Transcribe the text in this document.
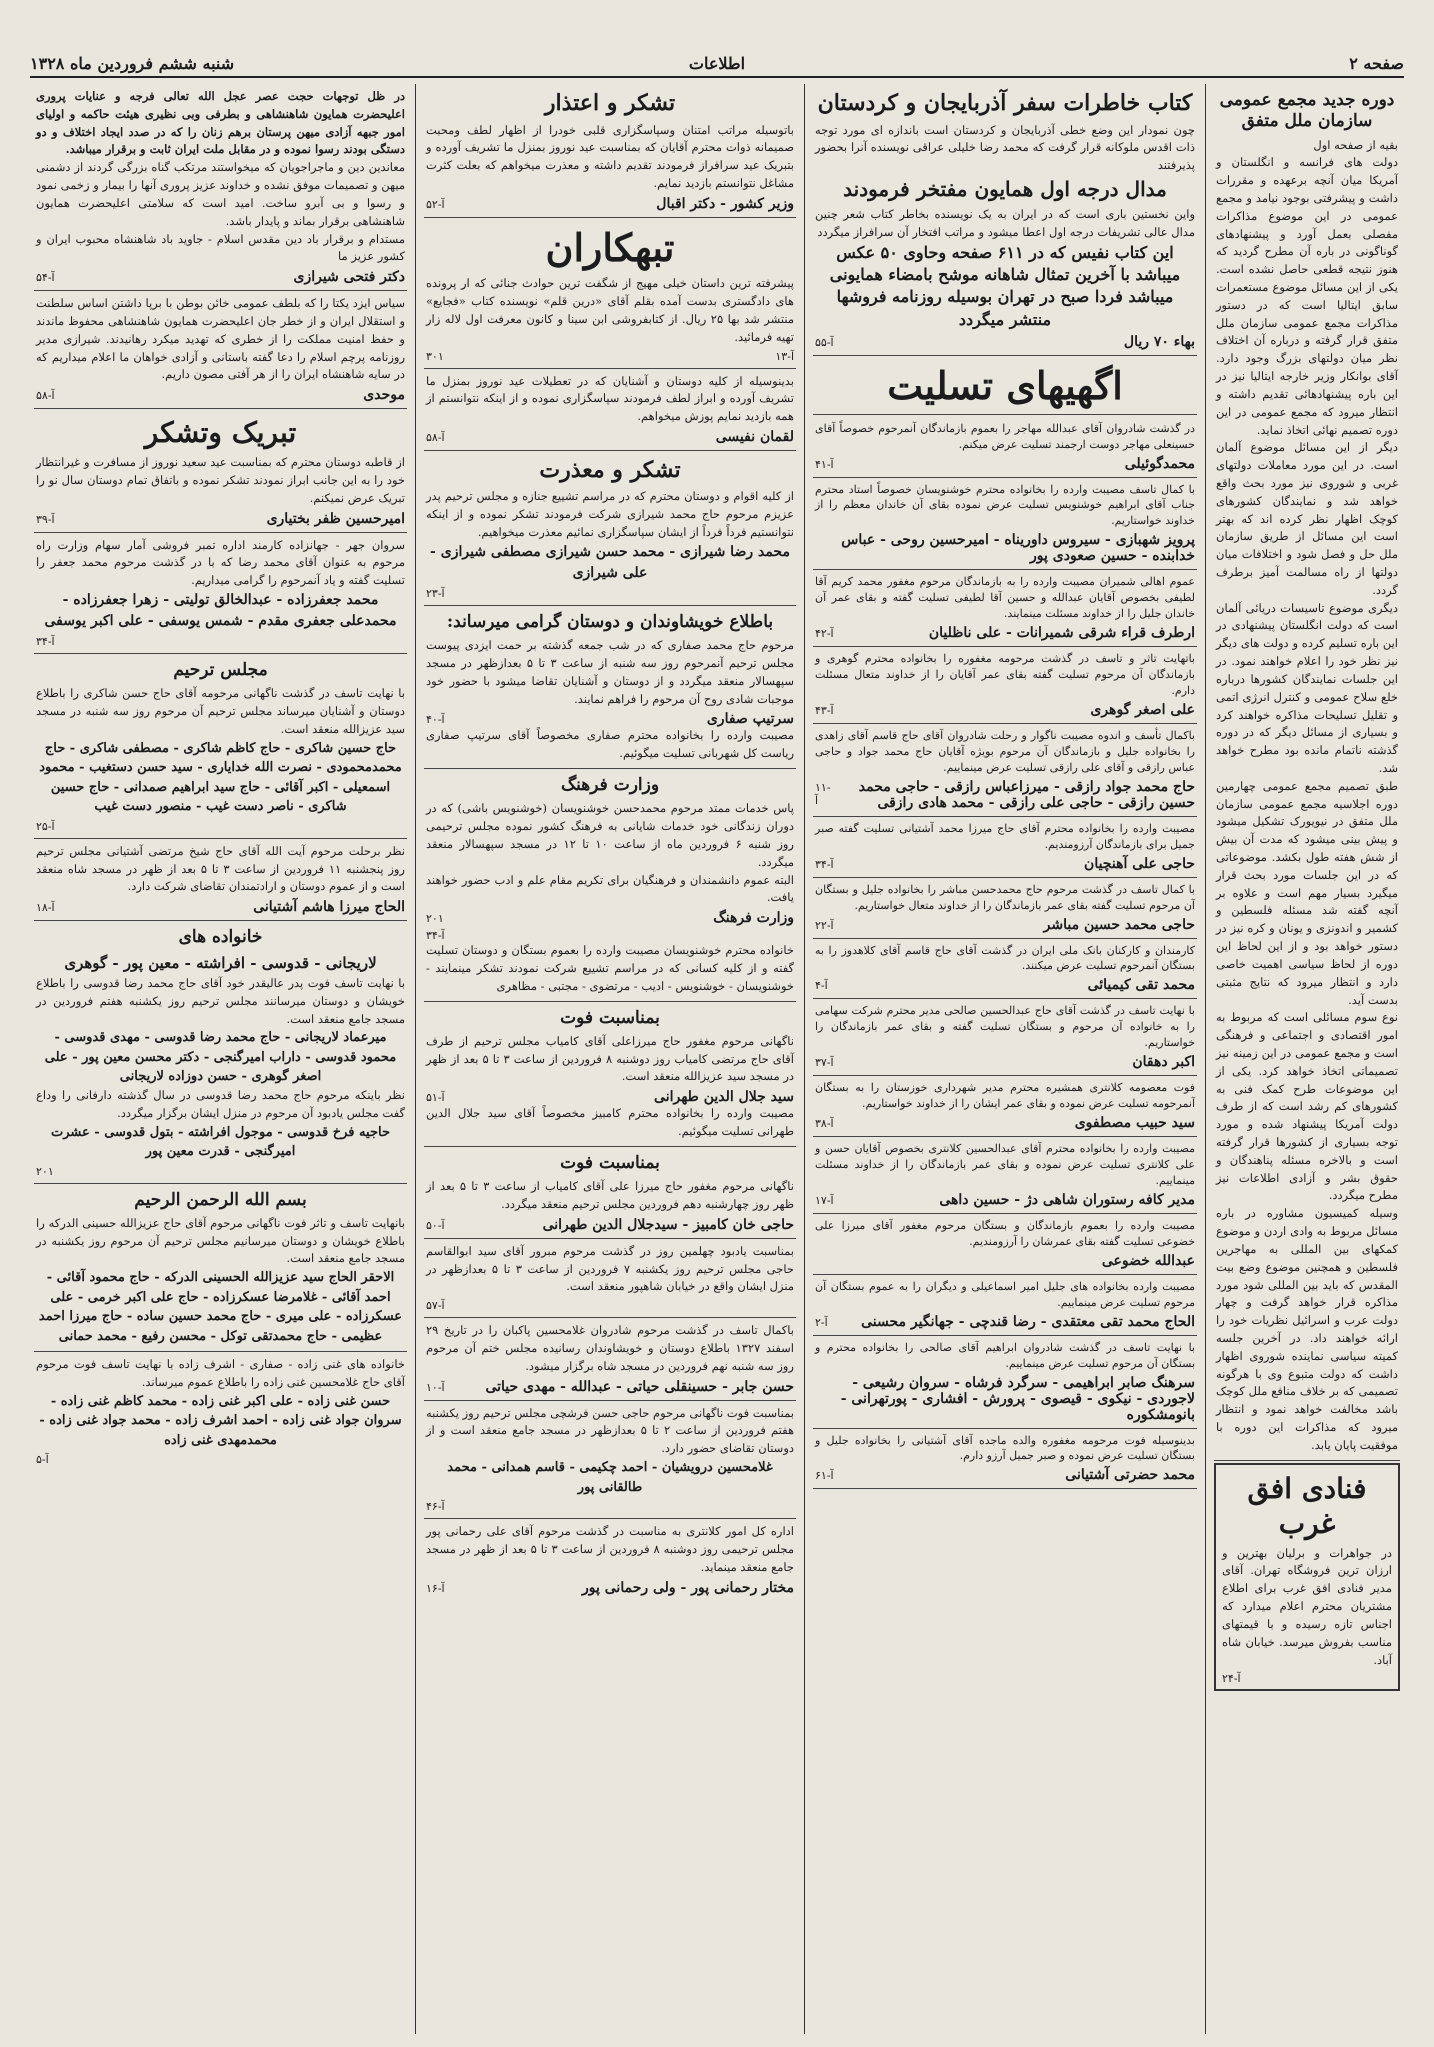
صفحه ۲
اطلاعات
شنبه ششم فروردین ماه ۱۳۲۸
دوره جدید مجمع عمومی سازمان ملل متفق
بقیه از صفحه اول
دولت های فرانسه و انگلستان و آمریکا میان آنچه برعهده و مقررات داشت و پیشرفتی بوجود نیامد و مجمع عمومی در این موضوع مذاکرات مفصلی بعمل آورد و پیشنهادهای گوناگونی در باره آن مطرح گردید که هنوز نتیجه قطعی حاصل نشده است. یکی از این مسائل موضوع مستعمرات سابق ایتالیا است که در دستور مذاکرات مجمع عمومی سازمان ملل متفق قرار گرفته و درباره آن اختلاف نظر میان دولتهای بزرگ وجود دارد. آقای بوانکار وزیر خارجه ایتالیا نیز در این باره پیشنهادهائی تقدیم داشته و انتظار میرود که مجمع عمومی در این دوره تصمیم نهائی اتخاذ نماید.
دیگر از این مسائل موضوع آلمان است. در این مورد معاملات دولتهای غربی و شوروی نیز مورد بحث واقع خواهد شد و نمایندگان کشورهای کوچک اظهار نظر کرده اند که بهتر است این مسائل از طریق سازمان ملل حل و فصل شود و اختلافات میان دولتها از راه مسالمت آمیز برطرف گردد.
دیگری موضوع تاسیسات دریائی آلمان است که دولت انگلستان پیشنهادی در این باره تسلیم کرده و دولت های دیگر نیز نظر خود را اعلام خواهند نمود. در این جلسات نمایندگان کشورها درباره خلع سلاح عمومی و کنترل انرژی اتمی و تقلیل تسلیحات مذاکره خواهند کرد و بسیاری از مسائل دیگر که در دوره گذشته ناتمام مانده بود مطرح خواهد شد.
طبق تصمیم مجمع عمومی چهارمین دوره اجلاسیه مجمع عمومی سازمان ملل متفق در نیویورک تشکیل میشود و پیش بینی میشود که مدت آن بیش از شش هفته طول بکشد. موضوعاتی که در این جلسات مورد بحث قرار میگیرد بسیار مهم است و علاوه بر آنچه گفته شد مسئله فلسطین و کشمیر و اندونزی و یونان و کره نیز در دستور خواهد بود و از این لحاظ این دوره از لحاظ سیاسی اهمیت خاصی دارد و انتظار میرود که نتایج مثبتی بدست آید.
نوع سوم مسائلی است که مربوط به امور اقتصادی و اجتماعی و فرهنگی است و مجمع عمومی در این زمینه نیز تصمیماتی اتخاذ خواهد کرد. یکی از این موضوعات طرح کمک فنی به کشورهای کم رشد است که از طرف دولت آمریکا پیشنهاد شده و مورد توجه بسیاری از کشورها قرار گرفته است و بالاخره مسئله پناهندگان و حقوق بشر و آزادی اطلاعات نیز مطرح میگردد.
وسیله کمیسیون مشاوره در باره مسائل مربوط به وادی اردن و موضوع کمکهای بین المللی به مهاجرین فلسطین و همچنین موضوع وضع بیت المقدس که باید بین المللی شود مورد مذاکره قرار خواهد گرفت و چهار دولت عرب و اسرائیل نظریات خود را ارائه خواهند داد. در آخرین جلسه کمیته سیاسی نماینده شوروی اظهار داشت که دولت متبوع وی با هرگونه تصمیمی که بر خلاف منافع ملل کوچک باشد مخالفت خواهد نمود و انتظار میرود که مذاکرات این دوره با موفقیت پایان یابد.
فنادی افق غرب
در جواهرات و برلیان بهترین و ارزان ترین فروشگاه تهران. آقای مدیر فنادی افق غرب برای اطلاع مشتریان محترم اعلام میدارد که اجناس تازه رسیده و با قیمتهای مناسب بفروش میرسد. خیابان شاه آباد.
۲۴-آ
کتاب خاطرات سفر آذربایجان و کردستان
چون نمودار این وضع خطی آذربایجان و کردستان است باندازه ای مورد توجه ذات اقدس ملوکانه قرار گرفت که محمد رضا خلیلی عراقی نویسنده آنرا بحضور پذیرفتند
مدال درجه اول همایون مفتخر فرمودند
واین نخستین باری است که در ایران به یک نویسنده بخاطر کتاب شعر چنین مدال عالی تشریفات درجه اول اعطا میشود و مراتب افتخار آن سرافراز میگردد
این کتاب نفیس که در ۶۱۱ صفحه وحاوی ۵۰ عکس میباشد با آخرین تمثال شاهانه موشح بامضاء همایونی میباشد فردا صبح در تهران بوسیله روزنامه فروشها منتشر میگردد
بهاء ۷۰ ریال
۵۵-آ
اگهیهای تسلیت
در گذشت شادروان آقای عبدالله مهاجر را بعموم بازماندگان آنمرحوم خصوصاً آقای حسینعلی مهاجر دوست ارجمند تسلیت عرض میکنم.
محمدگوئیلی
۴۱-آ
با کمال تاسف مصیبت وارده را بخانواده محترم خوشنویسان خصوصاً استاد محترم جناب آقای ابراهیم خوشنویس تسلیت عرض نموده بقای آن خاندان معظم را از خداوند خواستاریم.
پرویز شهبازی - سیروس داوریناه - امیرحسین روحی - عباس خدابنده - حسین صعودی پور
عموم اهالی شمیران مصیبت وارده را به بازماندگان مرحوم مغفور محمد کریم آقا لطیفی بخصوص آقایان عبدالله و حسین آقا لطیفی تسلیت گفته و بقای عمر آن خاندان جلیل را از خداوند مسئلت مینمایند.
ارطرف قراء شرقی شمیرانات - علی ناظلیان
۴۲-آ
باتهایت تاثر و تاسف در گذشت مرحومه مغفوره را بخانواده محترم گوهری و بازماندگان آن مرحوم تسلیت گفته بقای عمر آقایان را از خداوند متعال مسئلت دارم.
علی اصغر گوهری
۴۳-آ
باکمال تأسف و اندوه مصیبت ناگوار و رحلت شادروان آقای حاج قاسم آقای زاهدی را بخانواده جلیل و بازماندگان آن مرحوم بویژه آقایان حاج محمد جواد و حاجی عباس رازقی و آقای علی رازقی تسلیت عرض مینماییم.
حاج محمد جواد رازقی - میرزاعباس رازقی - حاجی محمد حسین رازقی - حاجی علی رازقی - محمد هادی رازقی
۱۱-آ
مصیبت وارده را بخانواده محترم آقای حاج میرزا محمد آشتیانی تسلیت گفته صبر جمیل برای بازماندگان آرزومندیم.
حاجی علی آهنچیان
۳۴-آ
با کمال تاسف در گذشت مرحوم حاج محمدحسن مباشر را بخانواده جلیل و بستگان آن مرحوم تسلیت گفته بقای عمر بازماندگان را از خداوند متعال خواستاریم.
حاجی محمد حسین مباشر
۲۲-آ
کارمندان و کارکنان بانک ملی ایران در گذشت آقای حاج قاسم آقای کلاهدوز را به بستگان آنمرحوم تسلیت عرض میکنند.
محمد تقی کیمیائی
۴-آ
با نهایت تاسف در گذشت آقای حاج عبدالحسین صالحی مدیر محترم شرکت سهامی را به خانواده آن مرحوم و بستگان تسلیت گفته و بقای عمر بازماندگان را خواستاریم.
اکبر دهقان
۳۷-آ
فوت معصومه کلانتری همشیره محترم مدیر شهرداری خوزستان را به بستگان آنمرحومه تسلیت عرض نموده و بقای عمر ایشان را از خداوند خواستاریم.
سید حبیب مصطفوی
۳۸-آ
مصیبت وارده را بخانواده محترم آقای عبدالحسین کلانتری بخصوص آقایان حسن و علی کلانتری تسلیت عرض نموده و بقای عمر بازماندگان را از خداوند مسئلت مینماییم.
مدیر کافه رستوران شاهی دژ - حسین داهی
۱۷-آ
مصیبت وارده را بعموم بازماندگان و بستگان مرحوم مغفور آقای میرزا علی خضوعی تسلیت گفته بقای عمرشان را آرزومندیم.
عبدالله خضوعی
مصیبت وارده بخانواده های جلیل امیر اسماعیلی و دیگران را به عموم بستگان آن مرحوم تسلیت عرض مینماییم.
الحاج محمد تقی معتقدی - رضا قندچی - جهانگیر محسنی
۲-آ
با نهایت تاسف در گذشت شادروان ابراهیم آقای صالحی را بخانواده محترم و بستگان آن مرحوم تسلیت عرض مینماییم.
سرهنگ صابر ابراهیمی - سرگرد فرشاه - سروان رشیعی - لاجوردی - نیکوی - قیصوی - پرورش - افشاری - پورتهرانی - بانومشکوره
بدینوسیله فوت مرحومه مغفوره والده ماجده آقای آشتیانی را بخانواده جلیل و بستگان تسلیت عرض نموده و صبر جمیل آرزو دارم.
محمد حضرتی آشتیانی
۶۱-آ
تشکر و اعتذار
باتوسیله مراتب امتنان وسپاسگزاری قلبی خودرا از اظهار لطف ومحبت صمیمانه ذوات محترم آقایان که بمناسبت عید نوروز بمنزل ما تشریف آورده و بتبریک عید سرافراز فرمودند تقدیم داشته و معذرت میخواهم که بعلت کثرت مشاغل نتوانستم بازدید نمایم.
وزیر کشور - دکتر اقبال
۵۲-آ
تبهکاران
پیشرفته ترین داستان خیلی مهیج از شگفت ترین حوادث جنائی که ار پرونده های دادگستری بدست آمده بقلم آقای «درین قلم» نویسنده کتاب «فجایع» منتشر شد بها ۲۵ ریال. از کتابفروشی ابن سینا و کانون معرفت اول لاله زار تهیه فرمائید.
۱۳-آ
۳۰۱
بدینوسیله از کلیه دوستان و آشنایان که در تعطیلات عید نوروز بمنزل ما تشریف آورده و ابراز لطف فرمودند سپاسگزاری نموده و از اینکه نتوانستم از همه بازدید نمایم پوزش میخواهم.
لقمان نفیسی
۵۸-آ
تشکر و معذرت
از کلیه اقوام و دوستان محترم که در مراسم تشییع جنازه و مجلس ترحیم پدر عزیزم مرحوم حاج محمد شیرازی شرکت فرمودند تشکر نموده و از اینکه نتوانستیم فرداً فرداً از ایشان سپاسگزاری نمائیم معذرت میخواهیم.
محمد رضا شیرازی - محمد حسن شیرازی مصطفی شیرازی - علی شیرازی
۲۳-آ
باطلاع خویشاوندان و دوستان گرامی میرساند:
مرحوم حاج محمد صفاری که در شب جمعه گذشته بر حمت ایزدی پیوست مجلس ترحیم آنمرحوم روز سه شنبه از ساعت ۳ تا ۵ بعدازظهر در مسجد سپهسالار منعقد میگردد و از دوستان و آشنایان تقاضا میشود با حضور خود موجبات شادی روح آن مرحوم را فراهم نمایند.
سرتیپ صفاری
۴۰-آ
مصیبت وارده را بخانواده محترم صفاری مخصوصاً آقای سرتیپ صفاری ریاست کل شهربانی تسلیت میگوئیم.
وزارت فرهنگ
پاس خدمات ممتد مرحوم محمدحسن خوشنویسان (خوشنویس باشی) که در دوران زندگانی خود خدمات شایانی به فرهنگ کشور نموده مجلس ترحیمی روز شنبه ۶ فروردین ماه از ساعت ۱۰ تا ۱۲ در مسجد سپهسالار منعقد میگردد.
البته عموم دانشمندان و فرهنگیان برای تکریم مقام علم و ادب حضور خواهند یافت.
وزارت فرهنگ
۲۰۱
۳۴-آ
خانواده محترم خوشنویسان مصیبت وارده را بعموم بستگان و دوستان تسلیت گفته و از کلیه کسانی که در مراسم تشییع شرکت نمودند تشکر مینمایند - خوشنویسان - خوشنویس - ادیب - مرتضوی - مجتبی - مظاهری
بمناسبت فوت
ناگهانی مرحوم مغفور حاج میرزاعلی آقای کامیاب مجلس ترحیم از طرف آقای حاج مرتضی کامیاب روز دوشنبه ۸ فروردین از ساعت ۳ تا ۵ بعد از ظهر در مسجد سید عزیزالله منعقد است.
سید جلال الدین طهرانی
۵۱-آ
مصیبت وارده را بخانواده محترم کامبیز مخصوصاً آقای سید جلال الدین طهرانی تسلیت میگوئیم.
بمناسبت فوت
ناگهانی مرحوم مغفور حاج میرزا علی آقای کامیاب از ساعت ۳ تا ۵ بعد از ظهر روز چهارشنبه دهم فروردین مجلس ترحیم منعقد میگردد.
حاجی خان کامبیز - سیدجلال الدین طهرانی
۵۰-آ
بمناسبت یادبود چهلمین روز در گذشت مرحوم مبرور آقای سید ابوالقاسم حاجی مجلس ترحیم روز یکشنبه ۷ فروردین از ساعت ۳ تا ۵ بعدازظهر در منزل ایشان واقع در خیابان شاهپور منعقد است.
۵۷-آ
باکمال تاسف در گذشت مرحوم شادروان غلامحسین پاکبان را در تاریخ ۲۹ اسفند ۱۳۲۷ باطلاع دوستان و خویشاوندان رسانیده مجلس ختم آن مرحوم روز سه شنبه نهم فروردین در مسجد شاه برگزار میشود.
حسن جابر - حسینقلی حیاتی - عبدالله - مهدی حیاتی
۱۰-آ
بمناسبت فوت ناگهانی مرحوم حاجی حسن فرشچی مجلس ترحیم روز یکشنبه هفتم فروردین از ساعت ۲ تا ۵ بعدازظهر در مسجد جامع منعقد است و از دوستان تقاضای حضور دارد.
غلامحسین درویشیان - احمد چکیمی - قاسم همدانی - محمد طالقانی پور
۴۶-آ
اداره کل امور کلانتری به مناسبت در گذشت مرحوم آقای علی رحمانی پور مجلس ترحیمی روز دوشنبه ۸ فروردین از ساعت ۳ تا ۵ بعد از ظهر در مسجد جامع منعقد مینماید.
مختار رحمانی پور - ولی رحمانی پور
۱۶-آ
در ظل توجهات حجت عصر عجل الله تعالی فرجه و عنایات پروری اعلیحضرت همایون شاهنشاهی و بطرفی وبی نظیری هیئت حاکمه و اولیای امور جبهه آزادی میهن پرستان برهم زنان را که در صدد ایجاد اختلاف و دو دستگی بودند رسوا نموده و در مقابل ملت ایران ثابت و برقرار میباشد.
معاندین دین و ماجراجویان که میخواستند مرتکب گناه بزرگی گردند از دشمنی میهن و تصمیمات موفق نشده و خداوند عزیز پروری آنها را بیمار و زخمی نمود و رسوا و بی آبرو ساخت. امید است که سلامتی اعلیحضرت همایون شاهنشاهی برقرار بماند و پایدار باشد.
مستدام و برقرار باد دین مقدس اسلام - جاوید باد شاهنشاه محبوب ایران و کشور عزیز ما
دکتر فتحی شیرازی
۵۴-آ
سیاس ایزد یکتا را که بلطف عمومی خائن بوطن با برپا داشتن اساس سلطنت و استقلال ایران و از خطر جان اعلیحضرت همایون شاهنشاهی محفوظ ماندند و حفظ امنیت مملکت را از خطری که تهدید میکرد رهانیدند. شیرازی مدیر روزنامه پرچم اسلام را دعا گفته باستانی و آزادی خواهان ما اعلام میداریم که در سایه شاهنشاه ایران را از هر آفتی مصون داریم.
موحدی
۵۸-آ
تبریک وتشکر
از قاطبه دوستان محترم که بمناسبت عید سعید نوروز از مسافرت و غیرانتظار خود را به این جانب ابراز نمودند تشکر نموده و باتفاق تمام دوستان سال نو را تبریک عرض نمیکنم.
امیرحسین ظفر بختیاری
۳۹-آ
سروان جهر - جهانزاده کارمند اداره تمبر فروشی آمار سهام وزارت راه مرحوم به عنوان آقای محمد رضا که با در گذشت مرحوم محمد جعفر را تسلیت گفته و یاد آنمرحوم را گرامی میداریم.
محمد جعفرزاده - عبدالخالق تولیتی - زهرا جعفرزاده - محمدعلی جعفری مقدم - شمس یوسفی - علی اکبر یوسفی
۳۴-آ
مجلس ترحیم
با نهایت تاسف در گذشت ناگهانی مرحومه آقای حاج حسن شاکری را باطلاع دوستان و آشنایان میرساند مجلس ترحیم آن مرحوم روز سه شنبه در مسجد سید عزیزالله منعقد است.
حاج حسین شاکری - حاج کاظم شاکری - مصطفی شاکری - حاج محمدمحمودی - نصرت الله خدایاری - سید حسن دستغیب - محمود اسمعیلی - اکبر آقائی - حاج سید ابراهیم صمدانی - حاج حسین شاکری - ناصر دست غیب - منصور دست غیب
۲۵-آ
نظر برحلت مرحوم آیت الله آقای حاج شیخ مرتضی آشتیانی مجلس ترحیم روز پنجشنبه ۱۱ فروردین از ساعت ۳ تا ۵ بعد از ظهر در مسجد شاه منعقد است و از عموم دوستان و ارادتمندان تقاضای شرکت دارد.
الحاج میرزا هاشم آشتیانی
۱۸-آ
خانواده های
لاریجانی - قدوسی - افراشته - معین پور - گوهری
با نهایت تاسف فوت پدر عالیقدر خود آقای حاج محمد رضا قدوسی را باطلاع خویشان و دوستان میرسانند مجلس ترحیم روز یکشنبه هفتم فروردین در مسجد جامع منعقد است.
میرعماد لاریجانی - حاج محمد رضا قدوسی - مهدی قدوسی - محمود قدوسی - داراب امیرگنجی - دکتر محسن معین پور - علی اصغر گوهری - حسن دوزاده لاریجانی
نظر باینکه مرحوم حاج محمد رضا قدوسی در سال گذشته دارفانی را وداع گفت مجلس یادبود آن مرحوم در منزل ایشان برگزار میگردد.
حاجیه فرخ قدوسی - موجول افراشته - بتول قدوسی - عشرت امیرگنجی - قدرت معین پور
۲۰۱
بسم الله الرحمن الرحیم
بانهایت تاسف و تاثر فوت ناگهانی مرحوم آقای حاج عزیزالله حسینی الدرکه را باطلاع خویشان و دوستان میرسانیم مجلس ترحیم آن مرحوم روز یکشنبه در مسجد جامع منعقد است.
الاحقر الحاج سید عزیزالله الحسینی الدرکه - حاج محمود آقائی - احمد آقائی - غلامرضا عسکرزاده - حاج علی اکبر خرمی - علی عسکرزاده - علی میری - حاج محمد حسین ساده - حاج میرزا احمد عظیمی - حاج محمدتقی توکل - محسن رفیع - محمد حمانی
خانواده های غنی زاده - صفاری - اشرف زاده با نهایت تاسف فوت مرحوم آقای حاج غلامحسین غنی زاده را باطلاع عموم میرساند.
حسن غنی زاده - علی اکبر غنی زاده - محمد کاظم غنی زاده - سروان جواد غنی زاده - احمد اشرف زاده - محمد جواد غنی زاده - محمدمهدی غنی زاده
۵-آ
